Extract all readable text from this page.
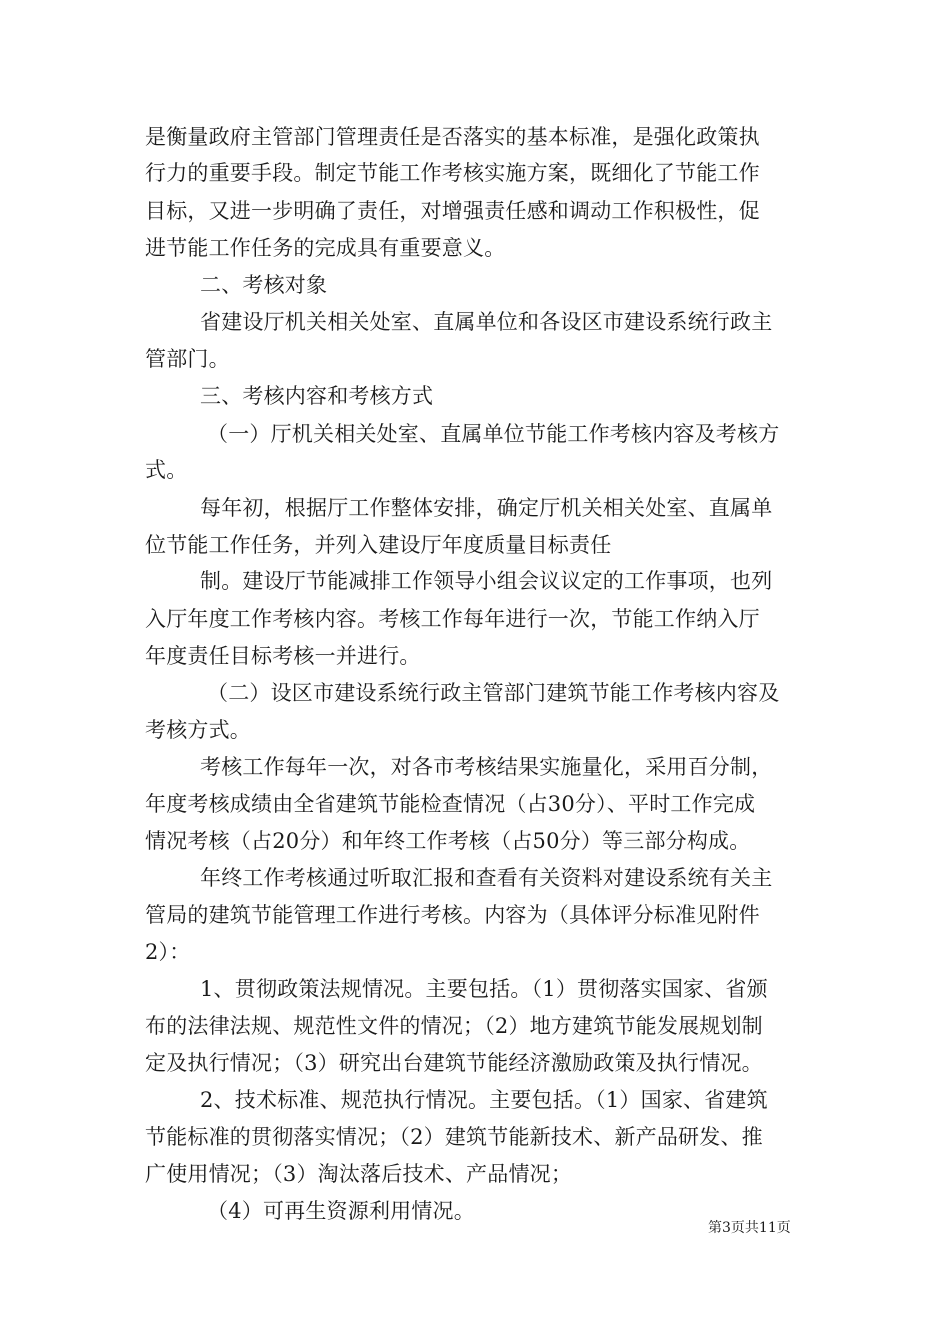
是衡量政府主管部门管理责任是否落实的基本标准，是强化政策执
行力的重要手段。制定节能工作考核实施方案，既细化了节能工作
目标，又进一步明确了责任，对增强责任感和调动工作积极性，促
进节能工作任务的完成具有重要意义。
二、考核对象
省建设厅机关相关处室、直属单位和各设区市建设系统行政主
管部门。
三、考核内容和考核方式
（一）厅机关相关处室、直属单位节能工作考核内容及考核方
式。
每年初，根据厅工作整体安排，确定厅机关相关处室、直属单
位节能工作任务，并列入建设厅年度质量目标责任
制。建设厅节能减排工作领导小组会议议定的工作事项，也列
入厅年度工作考核内容。考核工作每年进行一次，节能工作纳入厅
年度责任目标考核一并进行。
（二）设区市建设系统行政主管部门建筑节能工作考核内容及
考核方式。
考核工作每年一次，对各市考核结果实施量化，采用百分制，
年度考核成绩由全省建筑节能检查情况（占30分）、平时工作完成
情况考核（占20分）和年终工作考核（占50分）等三部分构成。
年终工作考核通过听取汇报和查看有关资料对建设系统有关主
管局的建筑节能管理工作进行考核。内容为（具体评分标准见附件
2）：
1、贯彻政策法规情况。主要包括。（1）贯彻落实国家、省颁
布的法律法规、规范性文件的情况；（2）地方建筑节能发展规划制
定及执行情况；（3）研究出台建筑节能经济激励政策及执行情况。
2、技术标准、规范执行情况。主要包括。（1）国家、省建筑
节能标准的贯彻落实情况；（2）建筑节能新技术、新产品研发、推
广使用情况；（3）淘汰落后技术、产品情况；
（4）可再生资源利用情况。
第3页共11页
